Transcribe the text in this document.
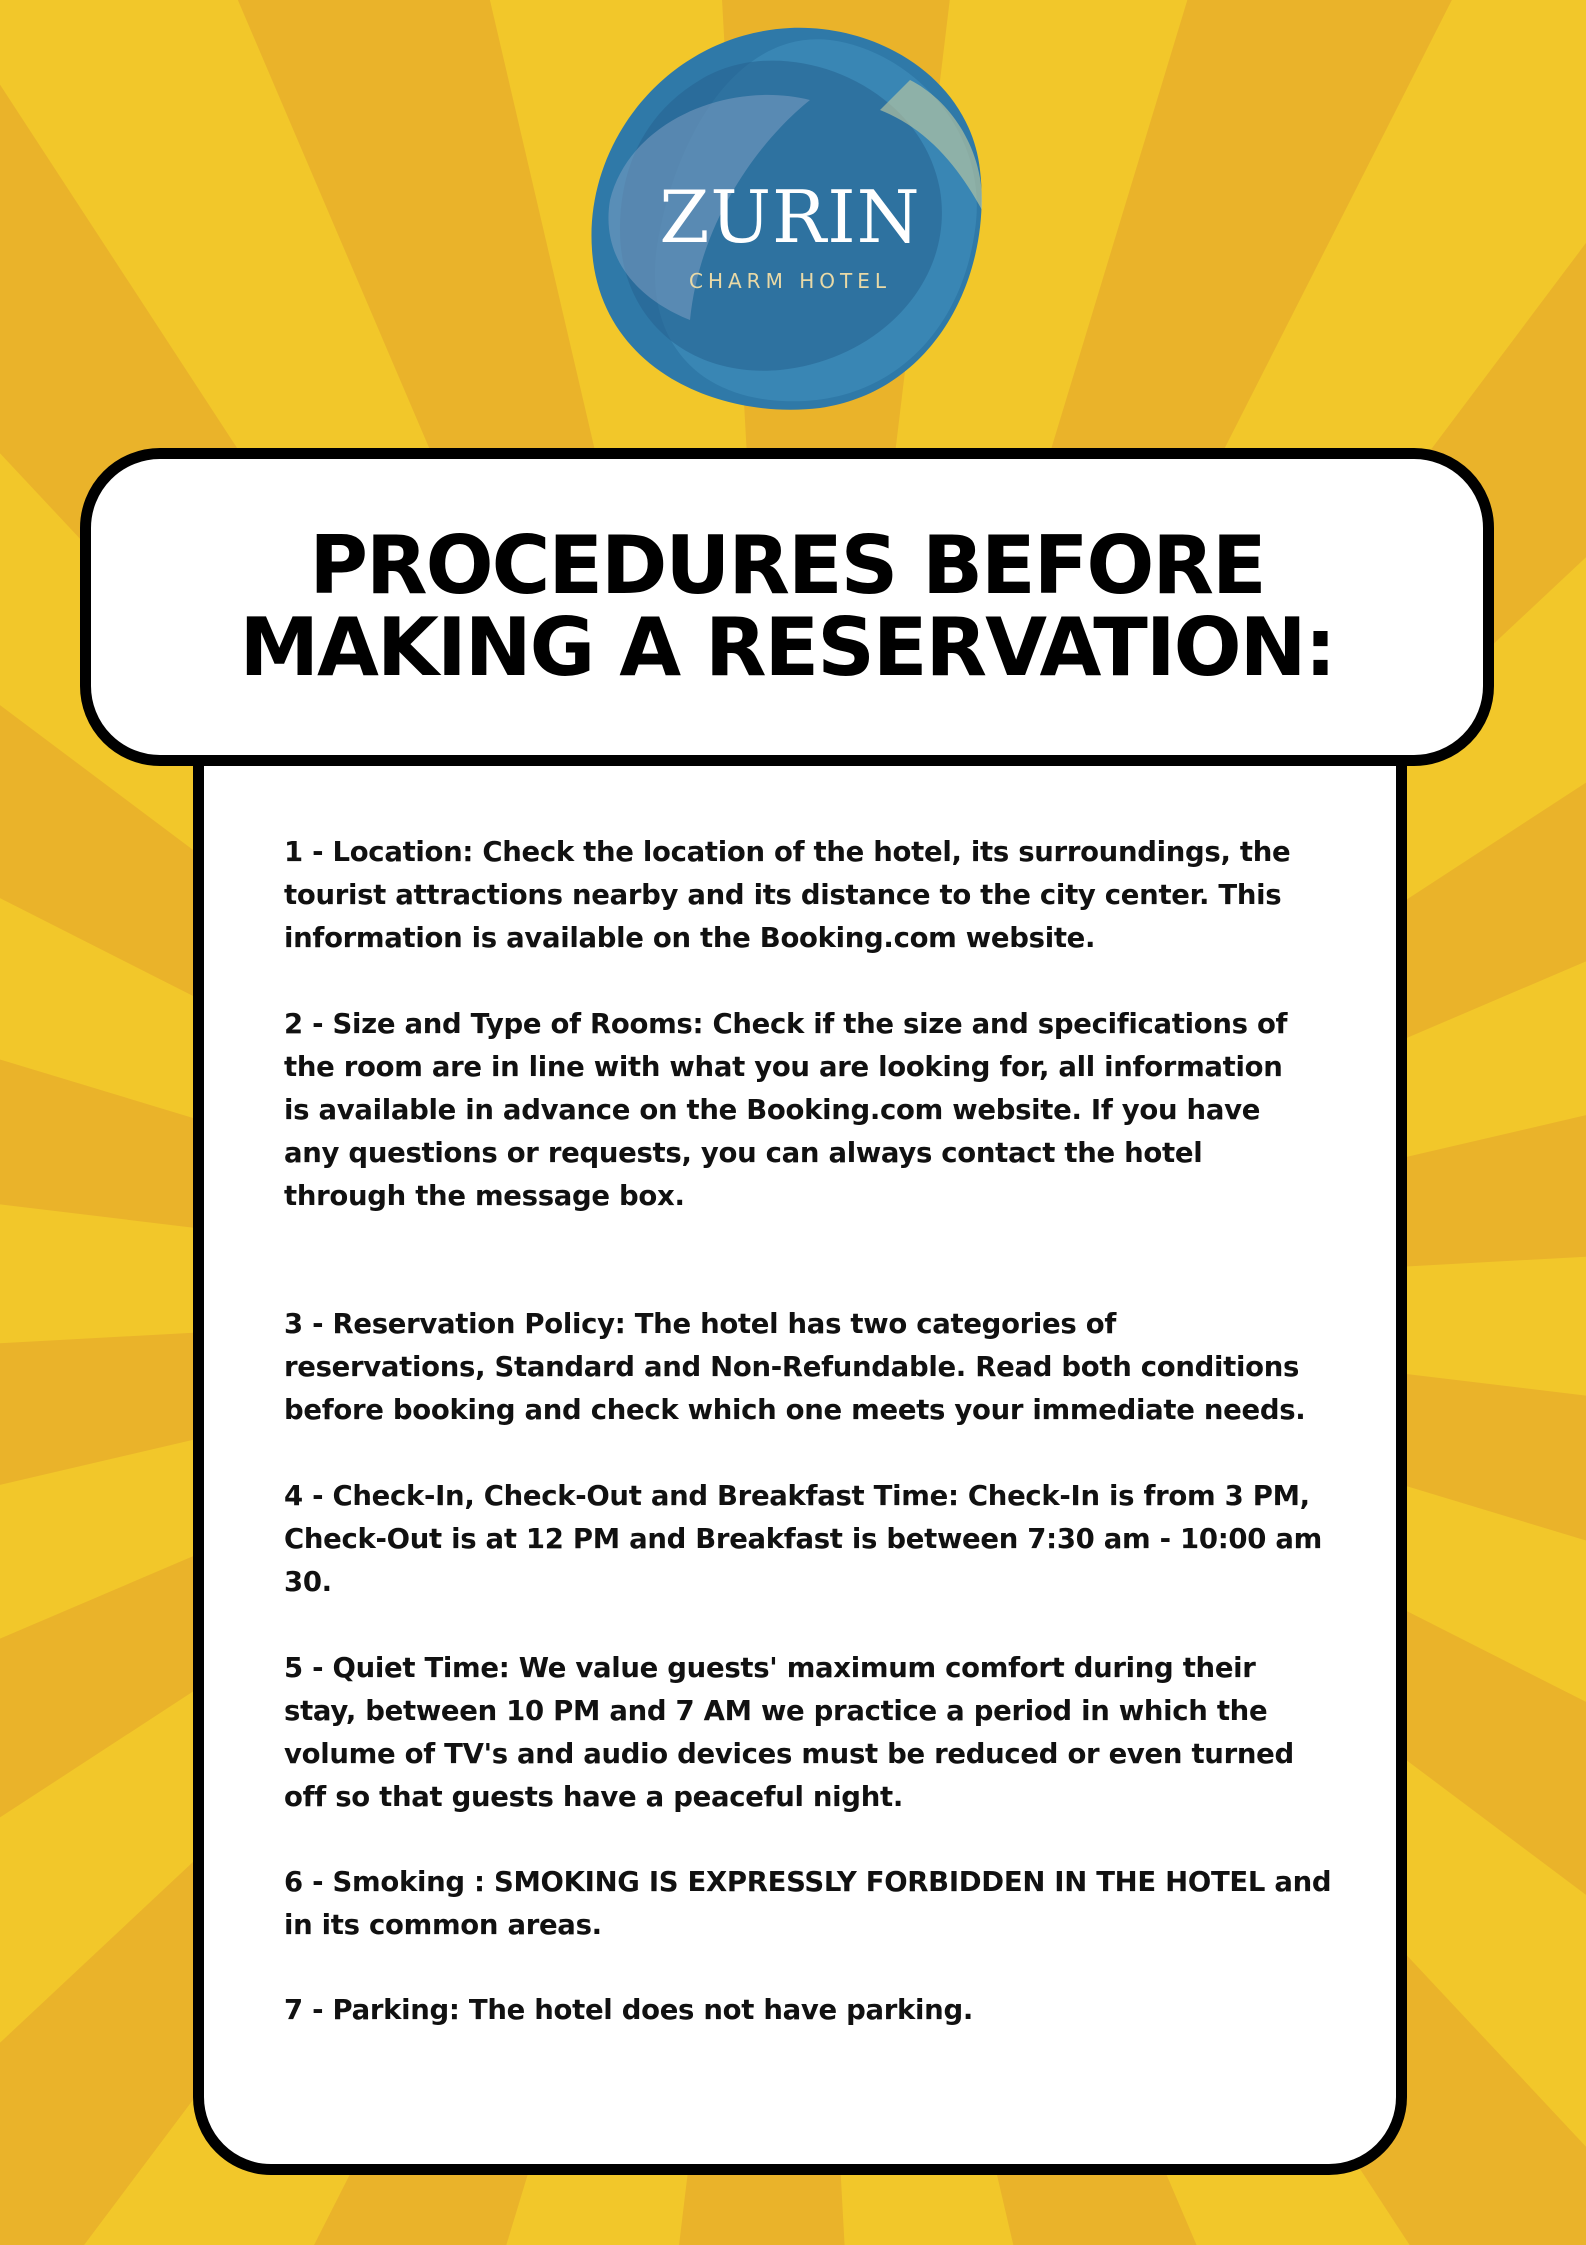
ZURIN
CHARM HOTEL
PROCEDURES BEFORE
MAKING A RESERVATION:
1 - Location: Check the location of the hotel, its surroundings, the
tourist attractions nearby and its distance to the city center. This
information is available on the Booking.com website.
2 - Size and Type of Rooms: Check if the size and specifications of
the room are in line with what you are looking for, all information
is available in advance on the Booking.com website. If you have
any questions or requests, you can always contact the hotel
through the message box.
3 - Reservation Policy: The hotel has two categories of
reservations, Standard and Non-Refundable. Read both conditions
before booking and check which one meets your immediate needs.
4 - Check-In, Check-Out and Breakfast Time: Check-In is from 3 PM,
Check-Out is at 12 PM and Breakfast is between 7:30 am - 10:00 am
30.
5 - Quiet Time: We value guests' maximum comfort during their
stay, between 10 PM and 7 AM we practice a period in which the
volume of TV's and audio devices must be reduced or even turned
off so that guests have a peaceful night.
6 - Smoking : SMOKING IS EXPRESSLY FORBIDDEN IN THE HOTEL and
in its common areas.
7 - Parking: The hotel does not have parking.
